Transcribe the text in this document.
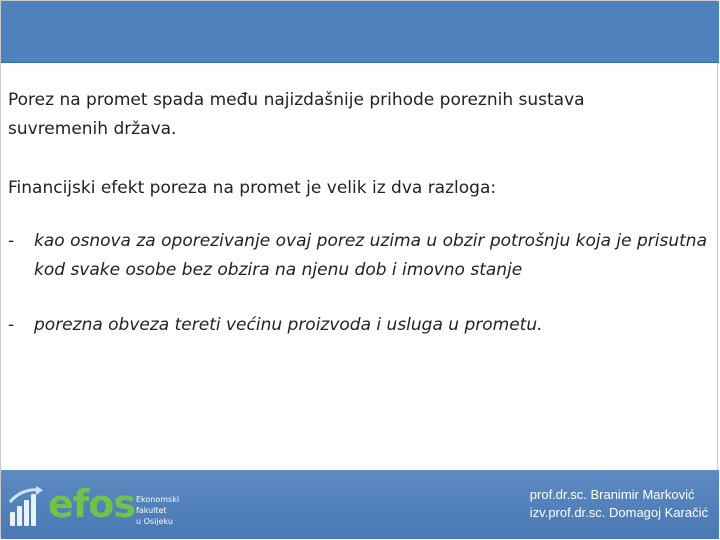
Porez na promet spada među najizdašnije prihode poreznih sustava suvremenih država.

Financijski efekt poreza na promet je velik iz dva razloga:

- kao osnova za oporezivanje ovaj porez uzima u obzir potrošnju koja je prisutna kod svake osobe bez obzira na njenu dob i imovno stanje
- porezna obveza tereti većinu proizvoda i usluga u prometu.
efos Ekonomski fakultet
u Osijeku
prof.dr.sc. Branimir Marković
izv.prof.dr.sc. Domagoj Karačić
